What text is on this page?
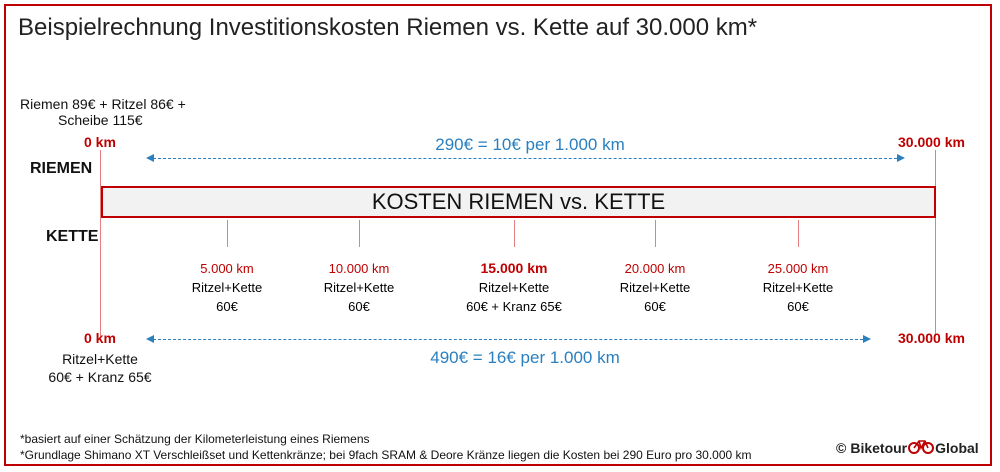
Beispielrechnung Investitionskosten Riemen vs. Kette auf 30.000 km*
Riemen 89€ + Ritzel 86€ +
Scheibe 115€
0 km	30.000 km
290€ = 10€ per 1.000 km
RIEMEN
KETTE
KOSTEN RIEMEN vs. KETTE
5.000 km
Ritzel+Kette
60€
10.000 km
Ritzel+Kette
60€
15.000 km
Ritzel+Kette
60€ + Kranz 65€
20.000 km
Ritzel+Kette
60€
25.000 km
Ritzel+Kette
60€
0 km	30.000 km
Ritzel+Kette
60€ + Kranz 65€
490€ = 16€ per 1.000 km
*basiert auf einer Schätzung der Kilometerleistung eines Riemens
*Grundlage Shimano XT Verschleißset und Kettenkränze; bei 9fach SRAM & Deore Kränze liegen die Kosten bei 290 Euro pro 30.000 km	© Biketour Global
